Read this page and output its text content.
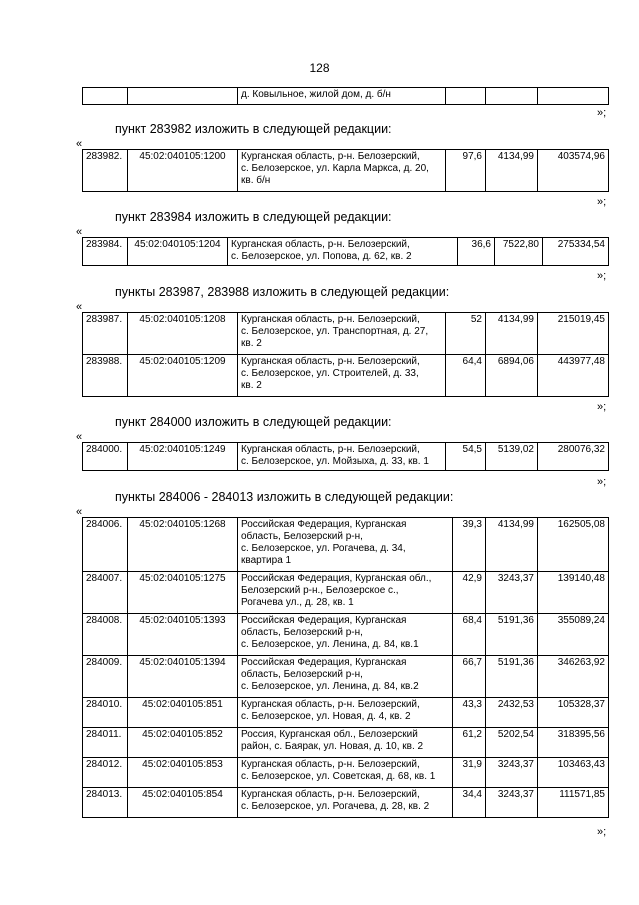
128
		д. Ковыльное, жилой дом, д. б/н			
»;
пункт 283982 изложить в следующей редакции:
«
283982.	45:02:040105:1200	Курганская область, р-н. Белозерский,
с. Белозерское, ул. Карла Маркса, д. 20,
кв. б/н	97,6	4134,99	403574,96
»;
пункт 283984 изложить в следующей редакции:
«
283984.	45:02:040105:1204	Курганская область, р-н. Белозерский,
с. Белозерское, ул. Попова, д. 62, кв. 2	36,6	7522,80	275334,54
»;
пункты 283987, 283988 изложить в следующей редакции:
«
283987.	45:02:040105:1208	Курганская область, р-н. Белозерский,
с. Белозерское, ул. Транспортная, д. 27,
кв. 2	52	4134,99	215019,45
283988.	45:02:040105:1209	Курганская область, р-н. Белозерский,
с. Белозерское, ул. Строителей, д. 33,
кв. 2	64,4	6894,06	443977,48
»;
пункт 284000 изложить в следующей редакции:
«
284000.	45:02:040105:1249	Курганская область, р-н. Белозерский,
с. Белозерское, ул. Мойзыха, д. 33, кв. 1	54,5	5139,02	280076,32
»;
пункты 284006 - 284013 изложить в следующей редакции:
«
284006.	45:02:040105:1268	Российская Федерация, Курганская
область, Белозерский р-н,
с. Белозерское, ул. Рогачева, д. 34,
квартира 1	39,3	4134,99	162505,08
284007.	45:02:040105:1275	Российская Федерация, Курганская обл.,
Белозерский р-н., Белозерское с.,
Рогачева ул., д. 28, кв. 1	42,9	3243,37	139140,48
284008.	45:02:040105:1393	Российская Федерация, Курганская
область, Белозерский р-н,
с. Белозерское, ул. Ленина, д. 84, кв.1	68,4	5191,36	355089,24
284009.	45:02:040105:1394	Российская Федерация, Курганская
область, Белозерский р-н,
с. Белозерское, ул. Ленина, д. 84, кв.2	66,7	5191,36	346263,92
284010.	45:02:040105:851	Курганская область, р-н. Белозерский,
с. Белозерское, ул. Новая, д. 4, кв. 2	43,3	2432,53	105328,37
284011.	45:02:040105:852	Россия, Курганская обл., Белозерский
район, с. Баярак, ул. Новая, д. 10, кв. 2	61,2	5202,54	318395,56
284012.	45:02:040105:853	Курганская область, р-н. Белозерский,
с. Белозерское, ул. Советская, д. 68, кв. 1	31,9	3243,37	103463,43
284013.	45:02:040105:854	Курганская область, р-н. Белозерский,
с. Белозерское, ул. Рогачева, д. 28, кв. 2	34,4	3243,37	111571,85
»;
